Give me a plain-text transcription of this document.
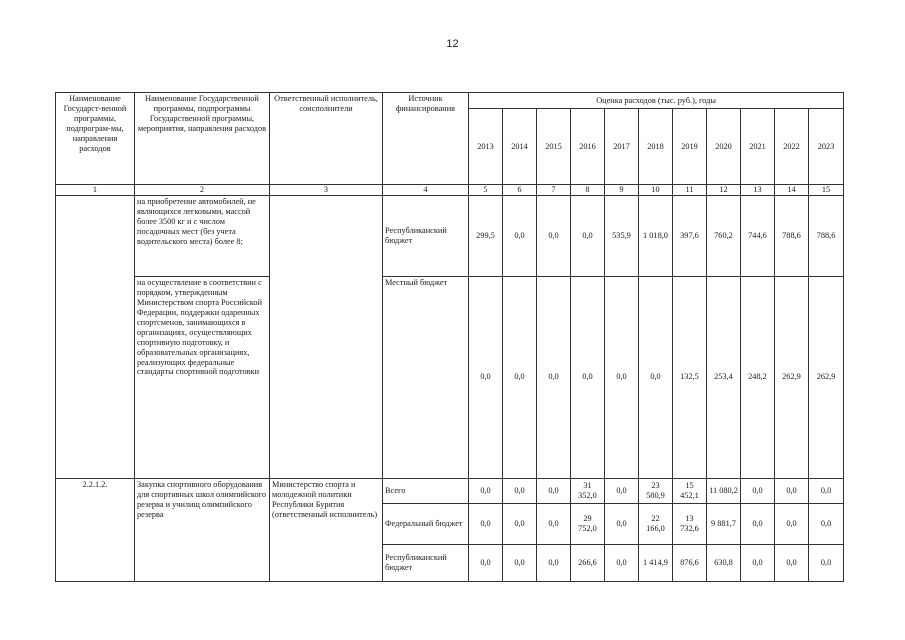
12
Наименование Государст-венной программы, подпрограм-мы, направления расходов	Наименование Государственной программы, подпрограммы Государственной программы, мероприятия, направления расходов	Ответственный исполнитель, соисполнители	Источник финансирования	Оценка расходов (тыс. руб.), годы										
				2013	2014	2015	2016	2017	2018	2019	2020	2021	2022	2023
1	2	3	4	5	6	7	8	9	10	11	12	13	14	15
	на приобретение автомобилей, не являющихся легковыми, массой более 3500 кг и с числом посадочных мест (без учета водительского места) более 8;		Республиканский бюджет	299,5	0,0	0,0	0,0	535,9	1 018,0	397,6	760,2	744,6	788,6	788,6
	на осуществление в соответствии с порядком, утвержденным Министерством спорта Российской Федерации, поддержки одаренных спортсменов, занимающихся в организациях, осуществляющих спортивную подготовку, и образовательных организациях, реализующих федеральные стандарты спортивной подготовки		Местный бюджет	0,0	0,0	0,0	0,0	0,0	0,0	132,5	253,4	248,2	262,9	262,9
2.2.1.2.	Закупка спортивного оборудования для спортивных школ олимпийского резерва и училищ олимпийского резерва	Министерство спорта и молодежной политики Республики Бурятия (ответственный исполнитель)	Всего	0,0	0,0	0,0	31 352,0	0,0	23 580,9	15 452,1	11 080,2	0,0	0,0	0,0
			Федеральный бюджет	0,0	0,0	0,0	29 752,0	0,0	22 166,0	13 732,6	9 881,7	0,0	0,0	0,0
			Республиканский бюджет	0,0	0,0	0,0	266,6	0,0	1 414,9	876,6	630,8	0,0	0,0	0,0
